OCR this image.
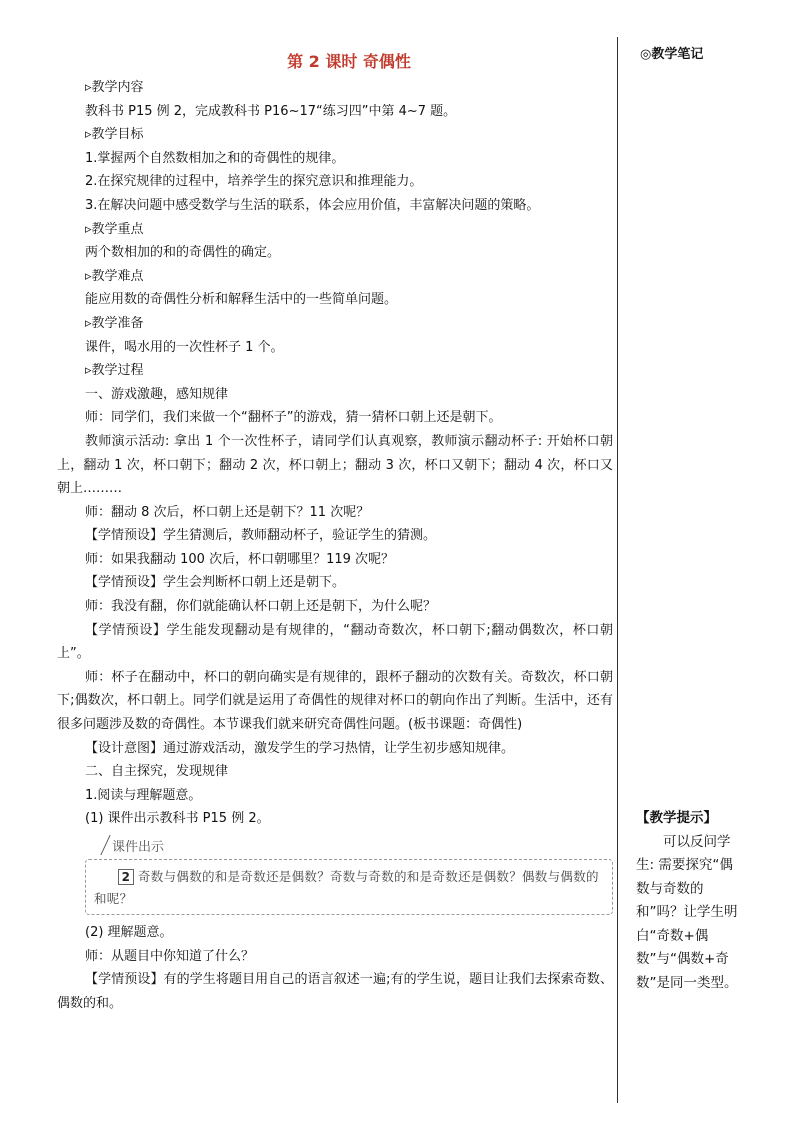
第 2 课时 奇偶性
▹教学内容
教科书 P15 例 2，完成教科书 P16~17“练习四”中第 4~7 题。
▹教学目标
1.掌握两个自然数相加之和的奇偶性的规律。
2.在探究规律的过程中，培养学生的探究意识和推理能力。
3.在解决问题中感受数学与生活的联系，体会应用价值，丰富解决问题的策略。
▹教学重点
两个数相加的和的奇偶性的确定。
▹教学难点
能应用数的奇偶性分析和解释生活中的一些简单问题。
▹教学准备
课件，喝水用的一次性杯子 1 个。
▹教学过程
一、游戏激趣，感知规律
师：同学们，我们来做一个“翻杯子”的游戏，猜一猜杯口朝上还是朝下。
教师演示活动: 拿出 1 个一次性杯子，请同学们认真观察，教师演示翻动杯子: 开始杯口朝上，翻动 1 次，杯口朝下；翻动 2 次，杯口朝上；翻动 3 次，杯口又朝下；翻动 4 次，杯口又朝上………
师：翻动 8 次后，杯口朝上还是朝下？11 次呢？
【学情预设】学生猜测后，教师翻动杯子，验证学生的猜测。
师：如果我翻动 100 次后，杯口朝哪里？119 次呢？
【学情预设】学生会判断杯口朝上还是朝下。
师：我没有翻，你们就能确认杯口朝上还是朝下，为什么呢？
【学情预设】学生能发现翻动是有规律的，“翻动奇数次，杯口朝下;翻动偶数次，杯口朝上”。
师：杯子在翻动中，杯口的朝向确实是有规律的，跟杯子翻动的次数有关。奇数次，杯口朝下;偶数次，杯口朝上。同学们就是运用了奇偶性的规律对杯口的朝向作出了判断。生活中，还有很多问题涉及数的奇偶性。本节课我们就来研究奇偶性问题。(板书课题：奇偶性)
【设计意图】通过游戏活动，激发学生的学习热情，让学生初步感知规律。
二、自主探究，发现规律
1.阅读与理解题意。
(1) 课件出示教科书 P15 例 2。
课件出示
2 奇数与偶数的和是奇数还是偶数？奇数与奇数的和是奇数还是偶数？偶数与偶数的和呢？
(2) 理解题意。
师：从题目中你知道了什么？
【学情预设】有的学生将题目用自己的语言叙述一遍;有的学生说，题目让我们去探索奇数、偶数的和。
◎教学笔记
【教学提示】
可以反问学生: 需要探究“偶数与奇数的和”吗？让学生明白“奇数+偶数”与“偶数+奇数”是同一类型。
